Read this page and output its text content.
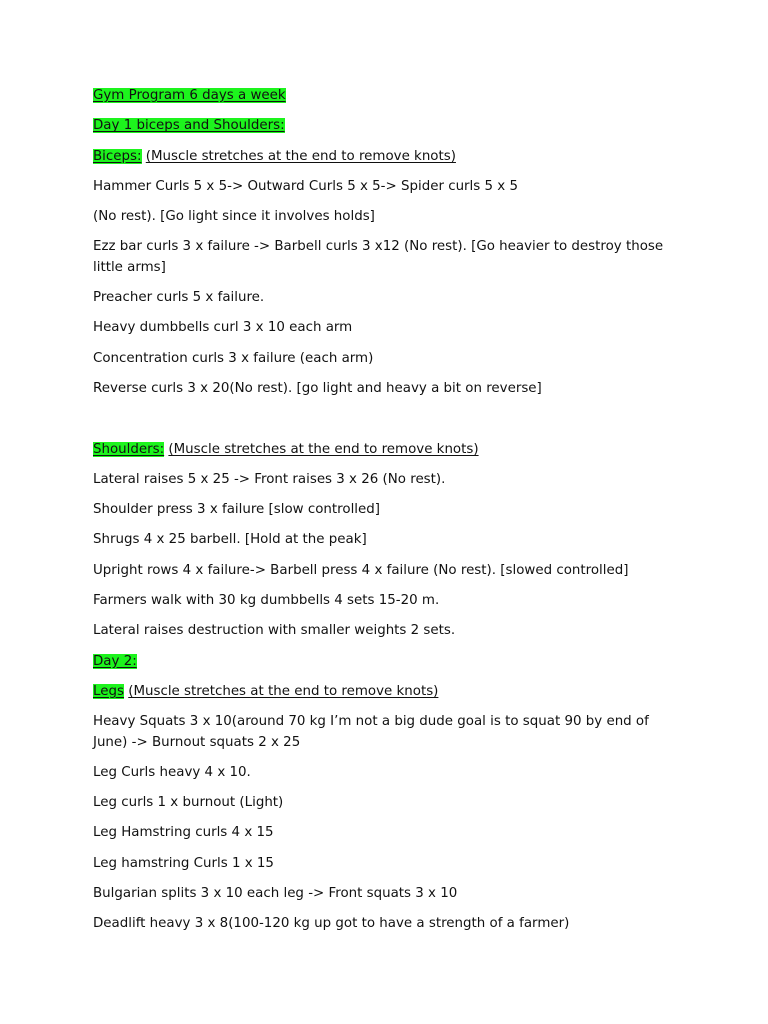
Gym Program 6 days a week

Day 1 biceps and Shoulders:

Biceps: (Muscle stretches at the end to remove knots)

Hammer Curls 5 x 5-> Outward Curls 5 x 5-> Spider curls 5 x 5

(No rest). [Go light since it involves holds]

Ezz bar curls 3 x failure -> Barbell curls 3 x12 (No rest). [Go heavier to destroy those little arms]

Preacher curls 5 x failure.

Heavy dumbbells curl 3 x 10 each arm

Concentration curls 3 x failure (each arm)

Reverse curls 3 x 20(No rest). [go light and heavy a bit on reverse]

Shoulders: (Muscle stretches at the end to remove knots)

Lateral raises 5 x 25 -> Front raises 3 x 26 (No rest).

Shoulder press 3 x failure [slow controlled]

Shrugs 4 x 25 barbell. [Hold at the peak]

Upright rows 4 x failure-> Barbell press 4 x failure (No rest). [slowed controlled]

Farmers walk with 30 kg dumbbells 4 sets 15-20 m.

Lateral raises destruction with smaller weights 2 sets.

Day 2:

Legs (Muscle stretches at the end to remove knots)

Heavy Squats 3 x 10(around 70 kg I’m not a big dude goal is to squat 90 by end of June) -> Burnout squats 2 x 25

Leg Curls heavy 4 x 10.

Leg curls 1 x burnout (Light)

Leg Hamstring curls 4 x 15

Leg hamstring Curls 1 x 15

Bulgarian splits 3 x 10 each leg -> Front squats 3 x 10

Deadlift heavy 3 x 8(100-120 kg up got to have a strength of a farmer)
